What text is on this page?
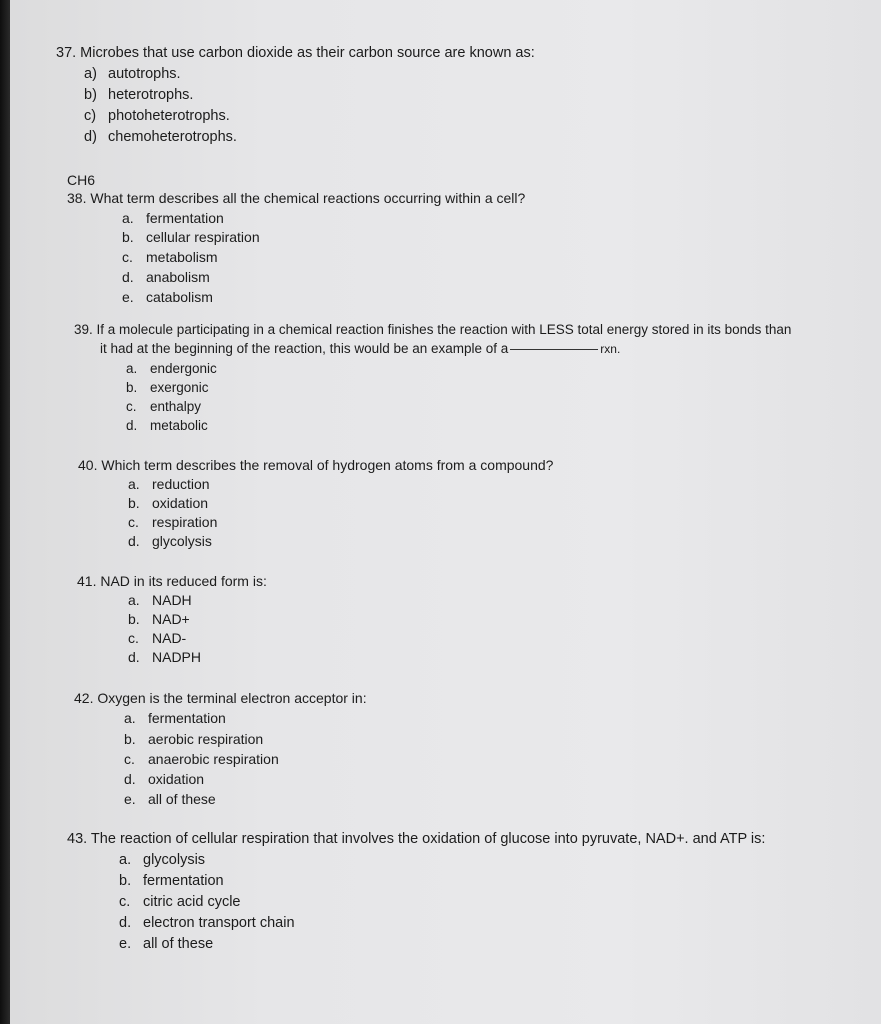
37. Microbes that use carbon dioxide as their carbon source are known as:
a) autotrophs.
b) heterotrophs.
c) photoheterotrophs.
d) chemoheterotrophs.
CH6
38. What term describes all the chemical reactions occurring within a cell?
a. fermentation
b. cellular respiration
c. metabolism
d. anabolism
e. catabolism
39. If a molecule participating in a chemical reaction finishes the reaction with LESS total energy stored in its bonds than
it had at the beginning of the reaction, this would be an example of a	rxn.
a. endergonic
b. exergonic
c. enthalpy
d. metabolic
40. Which term describes the removal of hydrogen atoms from a compound?
a. reduction
b. oxidation
c. respiration
d. glycolysis
41. NAD in its reduced form is:
a. NADH
b. NAD+
c. NAD-
d. NADPH
42. Oxygen is the terminal electron acceptor in:
a. fermentation
b. aerobic respiration
c. anaerobic respiration
d. oxidation
e. all of these
43. The reaction of cellular respiration that involves the oxidation of glucose into pyruvate, NAD+. and ATP is:
a. glycolysis
b. fermentation
c. citric acid cycle
d. electron transport chain
e. all of these
